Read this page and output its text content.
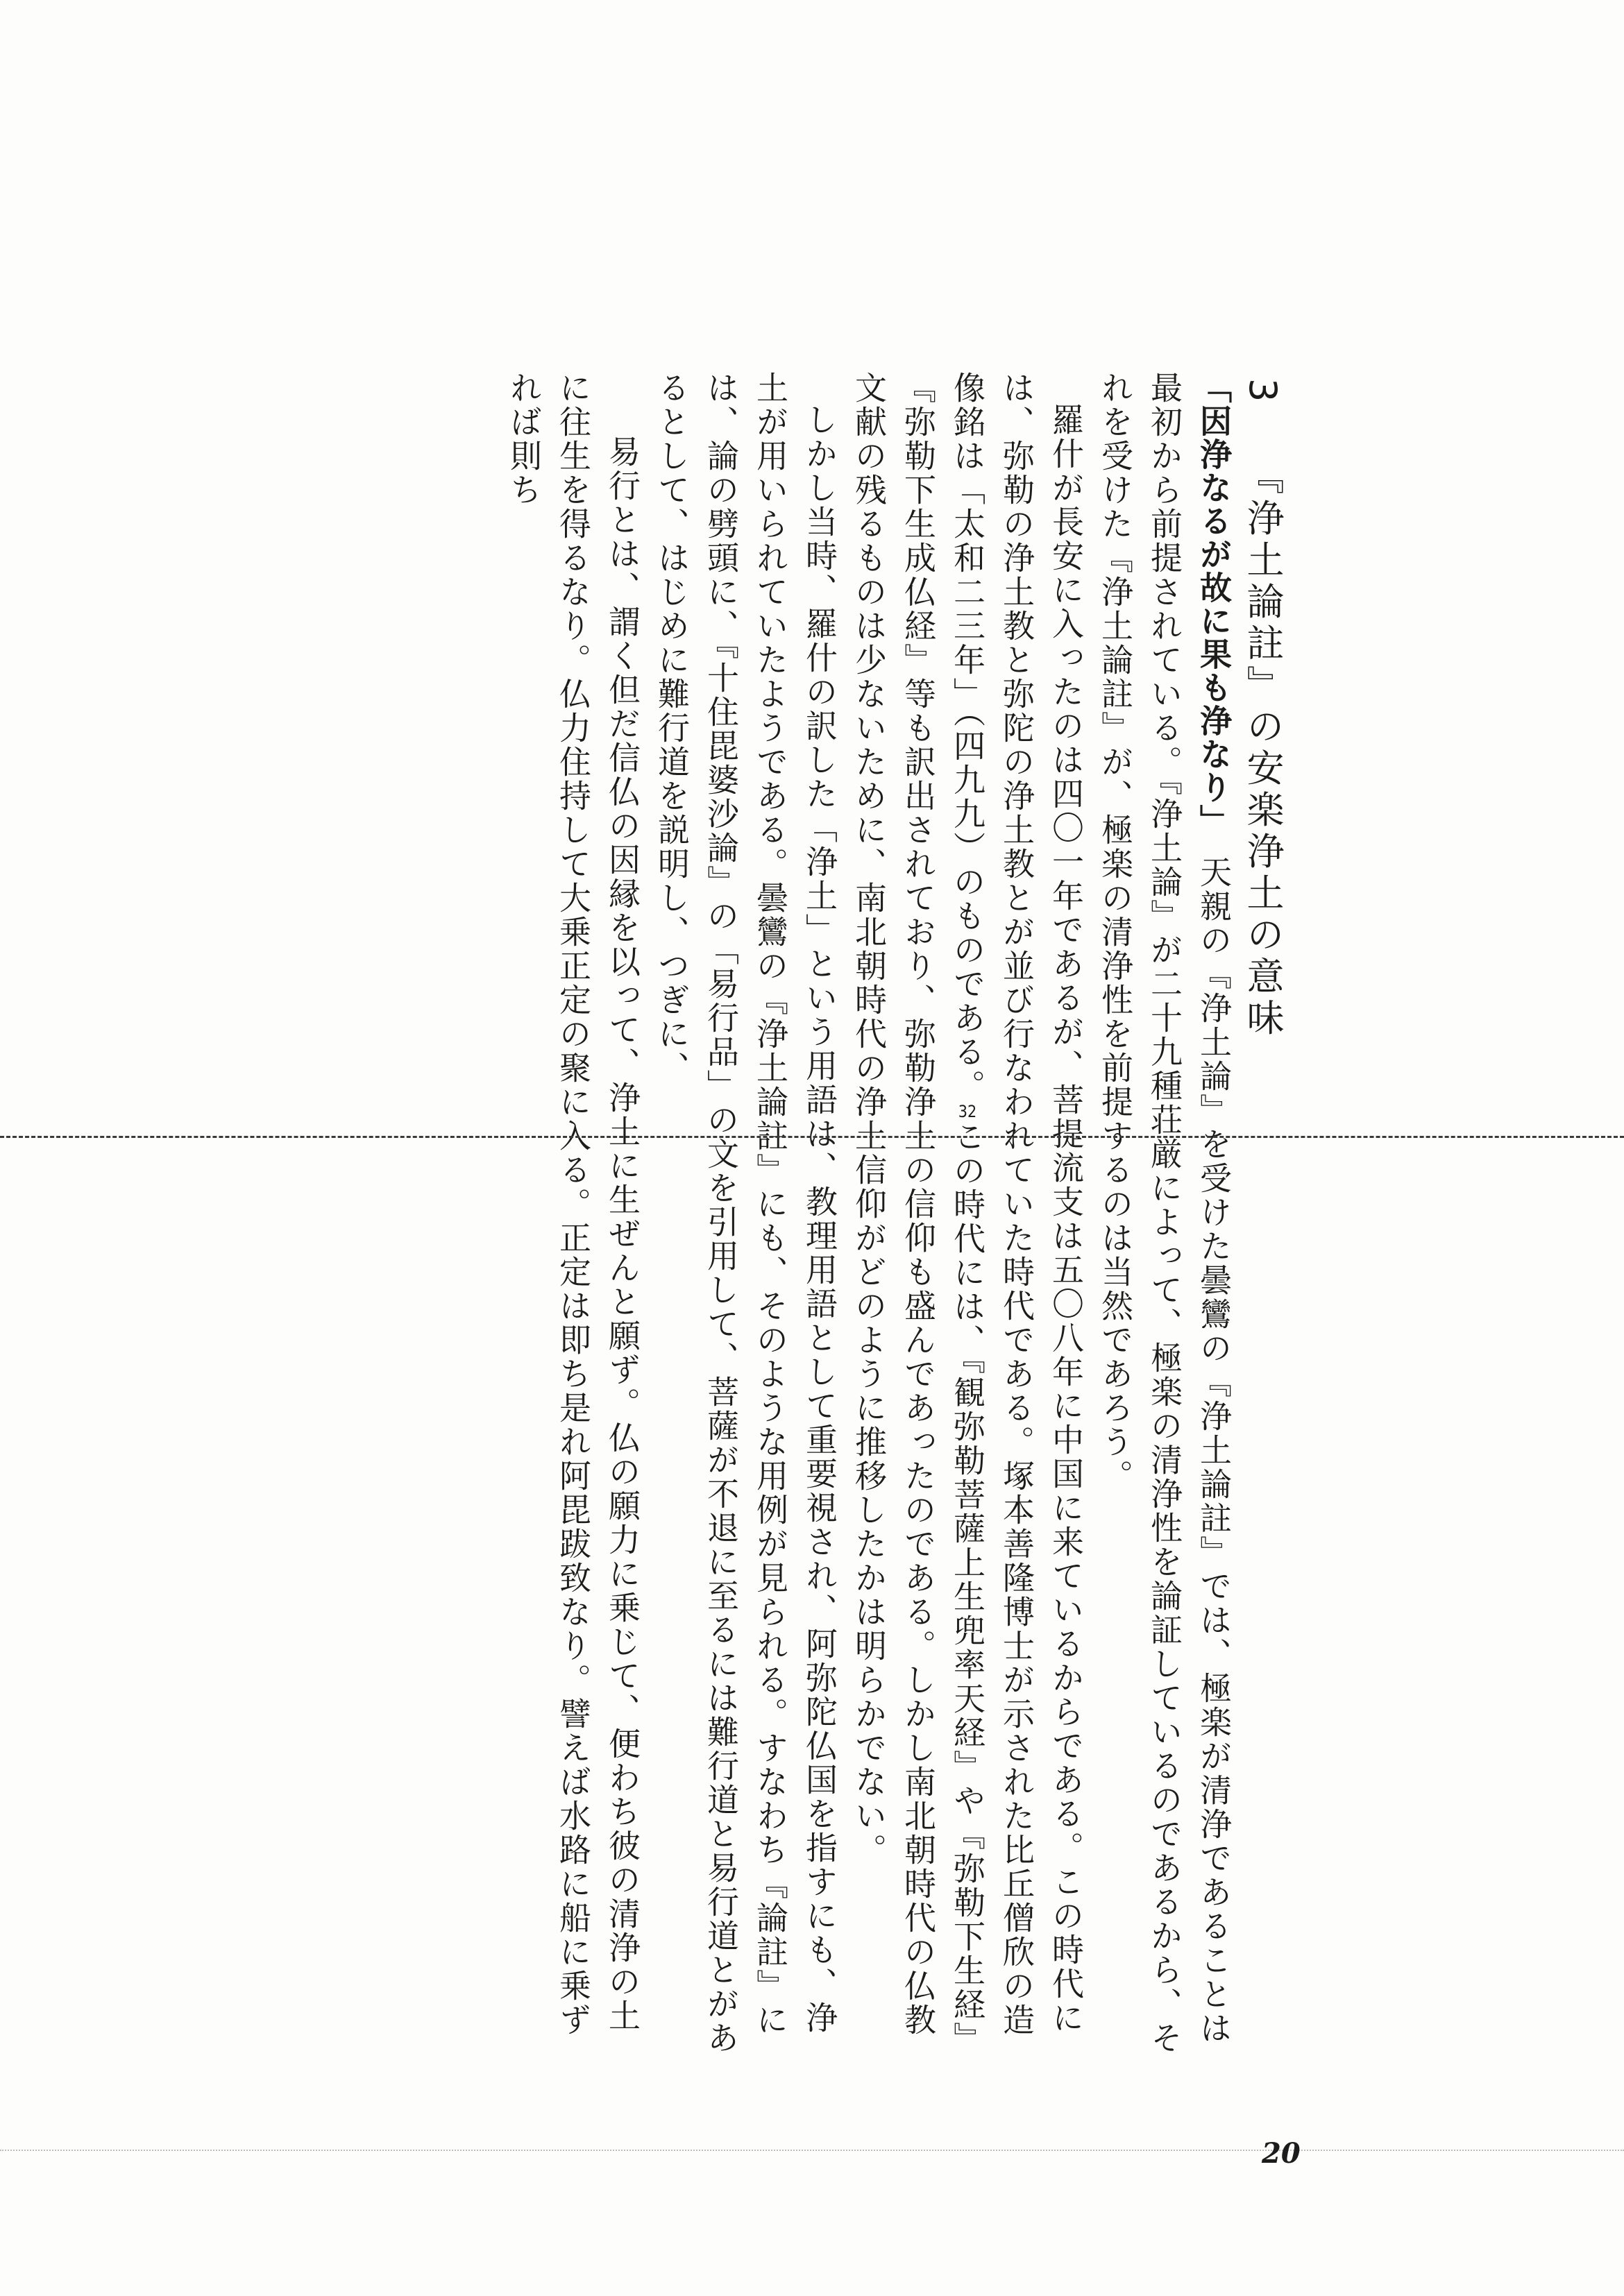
3　『浄土論註』の安楽浄土の意味

「因浄なるが故に果も浄なり」　天親の『浄土論』を受けた曇鸞の『浄土論註』では、極楽が清浄であることは最初から前提されている。『浄土論』が二十九種荘厳によって、極楽の清浄性を論証しているのであるから、それを受けた『浄土論註』が、極楽の清浄性を前提するのは当然であろう。

羅什が長安に入ったのは四〇一年であるが、菩提流支は五〇八年に中国に来ているからである。この時代には、弥勒の浄土教と弥陀の浄土教とが並び行なわれていた時代である。塚本善隆博士が示された比丘僧欣の造像銘は「太和二三年」（四九九）のものである。32この時代には、『観弥勒菩薩上生兜率天経』や『弥勒下生経』『弥勒下生成仏経』等も訳出されており、弥勒浄土の信仰も盛んであったのである。しかし南北朝時代の仏教文献の残るものは少ないために、南北朝時代の浄土信仰がどのように推移したかは明らかでない。

しかし当時、羅什の訳した「浄土」という用語は、教理用語として重要視され、阿弥陀仏国を指すにも、浄土が用いられていたようである。曇鸞の『浄土論註』にも、そのような用例が見られる。すなわち『論註』には、論の劈頭に、『十住毘婆沙論』の「易行品」の文を引用して、菩薩が不退に至るには難行道と易行道とがあるとして、はじめに難行道を説明し、つぎに、

易行とは、謂く但だ信仏の因縁を以って、浄土に生ぜんと願ず。仏の願力に乗じて、便わち彼の清浄の土に往生を得るなり。仏力住持して大乗正定の聚に入る。正定は即ち是れ阿毘跋致なり。譬えば水路に船に乗ずれば則ち

20
